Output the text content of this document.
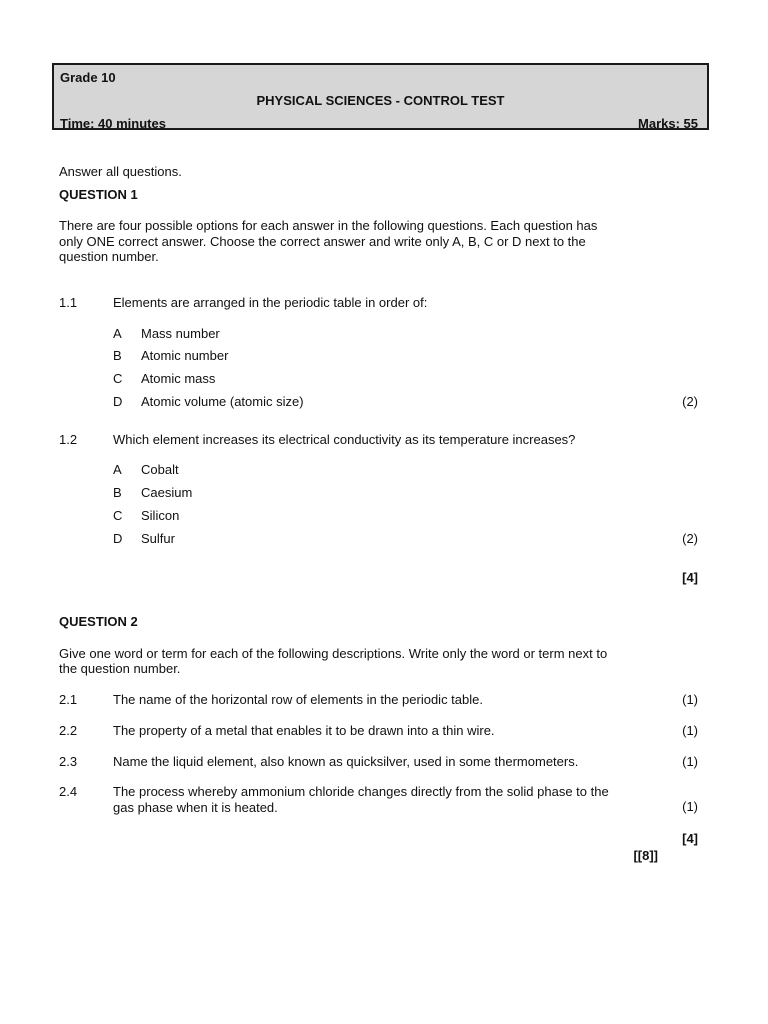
Grade 10
PHYSICAL SCIENCES - CONTROL TEST
Time: 40 minutes	Marks: 55
Answer all questions.
QUESTION 1
There are four possible options for each answer in the following questions. Each question has
only ONE correct answer. Choose the correct answer and write only A, B, C or D next to the
question number.
1.1	Elements are arranged in the periodic table in order of:
A Mass number
B Atomic number
C Atomic mass
D Atomic volume (atomic size)	(2)
1.2	Which element increases its electrical conductivity as its temperature increases?
A Cobalt
B Caesium
C Silicon
D Sulfur	(2)
[4]
QUESTION 2
Give one word or term for each of the following descriptions. Write only the word or term next to
the question number.
2.1	The name of the horizontal row of elements in the periodic table.	(1)
2.2	The property of a metal that enables it to be drawn into a thin wire.	(1)
2.3	Name the liquid element, also known as quicksilver, used in some thermometers.	(1)
2.4	The process whereby ammonium chloride changes directly from the solid phase to the
gas phase when it is heated.	(1)
[4]
[[8]]
